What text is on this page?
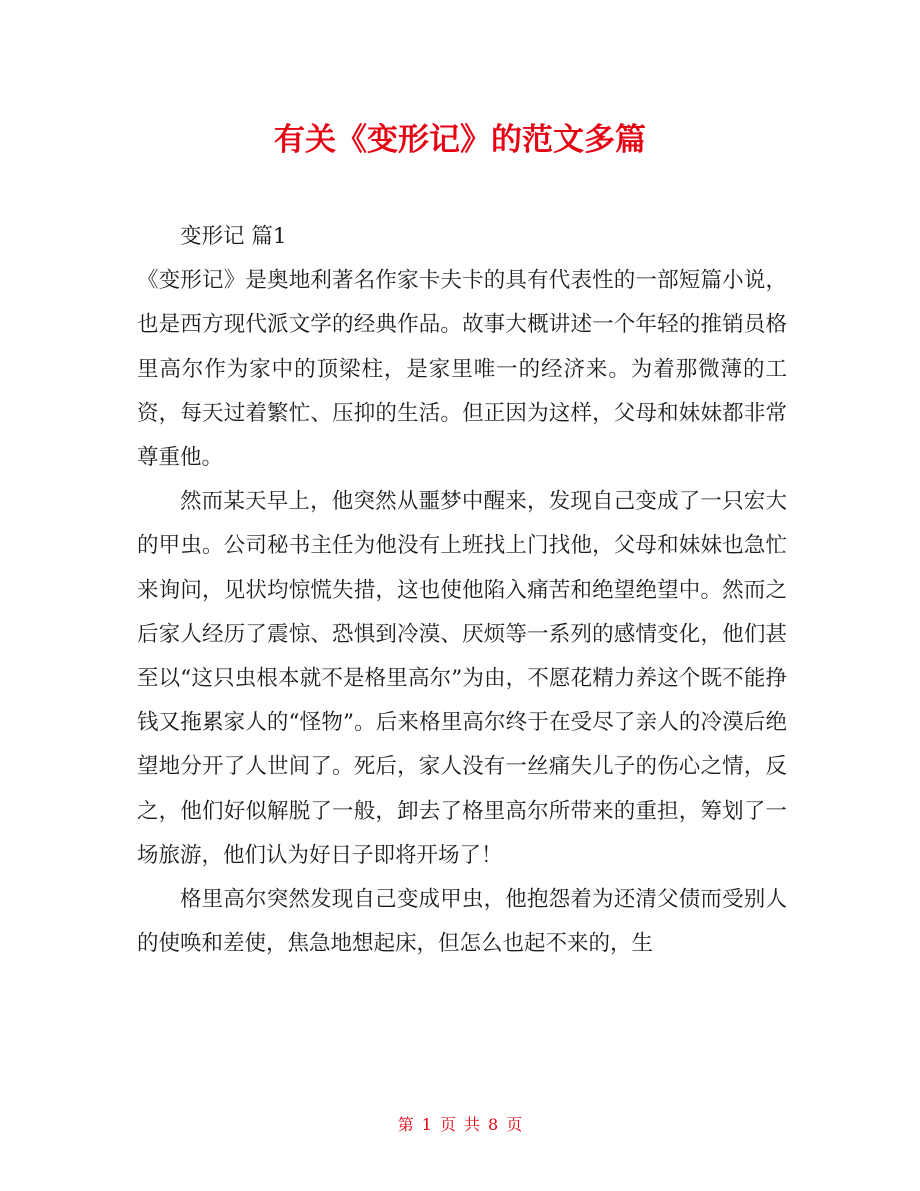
有关《变形记》的范文多篇

变形记 篇1

《变形记》是奥地利著名作家卡夫卡的具有代表性的一部短篇小说，也是西方现代派文学的经典作品。故事大概讲述一个年轻的推销员格里高尔作为家中的顶梁柱，是家里唯一的经济来。为着那微薄的工资，每天过着繁忙、压抑的生活。但正因为这样，父母和妹妹都非常尊重他。

然而某天早上，他突然从噩梦中醒来，发现自己变成了一只宏大的甲虫。公司秘书主任为他没有上班找上门找他，父母和妹妹也急忙来询问，见状均惊慌失措，这也使他陷入痛苦和绝望绝望中。然而之后家人经历了震惊、恐惧到冷漠、厌烦等一系列的感情变化，他们甚至以“这只虫根本就不是格里高尔”为由，不愿花精力养这个既不能挣钱又拖累家人的“怪物”。后来格里高尔终于在受尽了亲人的冷漠后绝望地分开了人世间了。死后，家人没有一丝痛失儿子的伤心之情，反之，他们好似解脱了一般，卸去了格里高尔所带来的重担，筹划了一场旅游，他们认为好日子即将开场了！

格里高尔突然发现自己变成甲虫，他抱怨着为还清父债而受别人的使唤和差使，焦急地想起床，但怎么也起不来的，生

第 1 页 共 8 页
